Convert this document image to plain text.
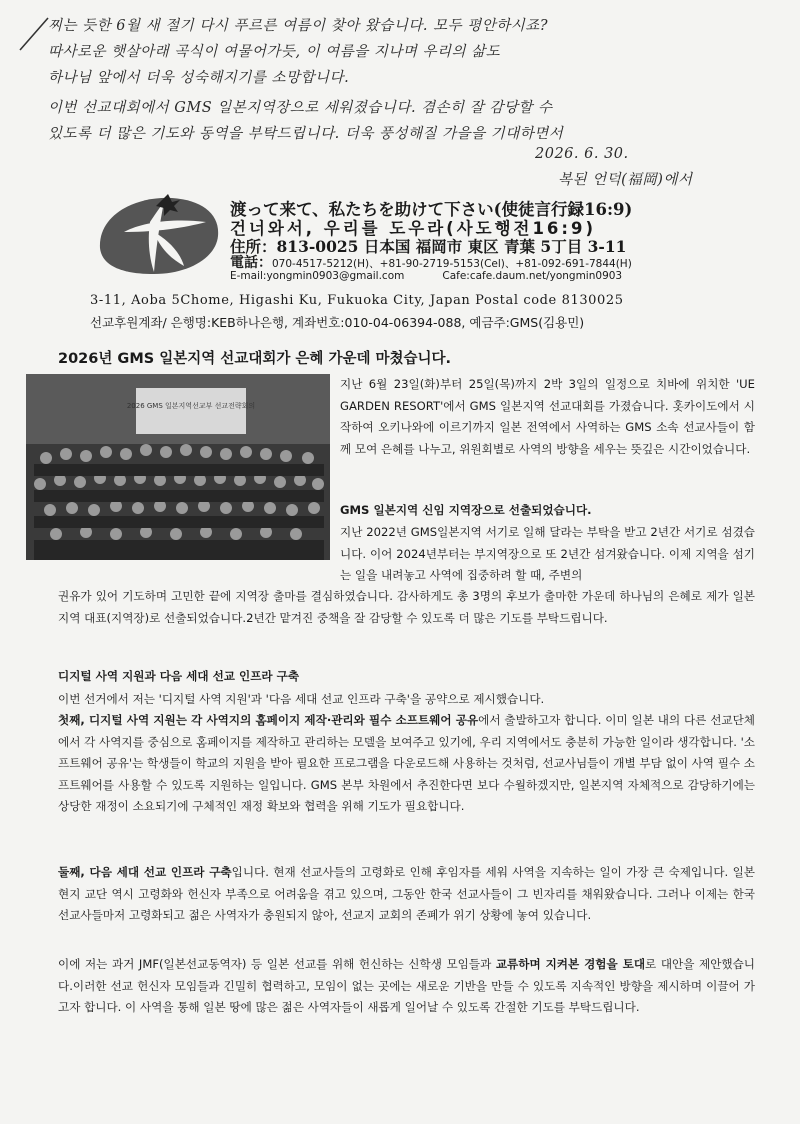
찌는 듯한 6월 새 절기 다시 푸르른 여름이 찾아 왔습니다. 모두 평안하시죠?
따사로운 햇살아래 곡식이 여물어가듯, 이 여름을 지나며 우리의 삶도
하나님 앞에서 더욱 성숙해지기를 소망합니다.
이번 선교대회에서 GMS 일본지역장으로 세워졌습니다. 겸손히 잘 감당할 수
있도록 더 많은 기도와 동역을 부탁드립니다. 더욱 풍성해질 가을을 기대하면서
2026. 6. 30.
복된 언덕(福岡)에서
渡って来て、私たちを助けて下さい(使徒言行録16:9)
건너와서, 우리를 도우라(사도행전16:9)
住所：813-0025 日本国 福岡市 東区 青葉 5丁目 3-11
電話：070-4517-5212(H)、+81-90-2719-5153(Cel)、+81-092-691-7844(H)
E-mail:yongmin0903@gmail.com	Cafe:cafe.daum.net/yongmin0903
3-11, Aoba 5Chome, Higashi Ku, Fukuoka City, Japan Postal code 8130025
선교후원계좌/ 은행명:KEB하나은행, 계좌번호:010-04-06394-088, 예금주:GMS(김용민)
2026년 GMS 일본지역 선교대회가 은혜 가운데 마쳤습니다.
2026 GMS 일본지역선교부 선교전략회의
지난 6월 23일(화)부터 25일(목)까지 2박 3일의 일정으로 치바에 위치한 'UE GARDEN RESORT'에서 GMS 일본지역 선교대회를 가졌습니다. 홋카이도에서 시작하여 오키나와에 이르기까지 일본 전역에서 사역하는 GMS 소속 선교사들이 함께 모여 은혜를 나누고, 위원회별로 사역의 방향을 세우는 뜻깊은 시간이었습니다.
GMS 일본지역 신임 지역장으로 선출되었습니다.
지난 2022년 GMS일본지역 서기로 일해 달라는 부탁을 받고 2년간 서기로 섬겼습니다. 이어 2024년부터는 부지역장으로 또 2년간 섬겨왔습니다. 이제 지역을 섬기는 일을 내려놓고 사역에 집중하려 할 때, 주변의
권유가 있어 기도하며 고민한 끝에 지역장 출마를 결심하였습니다. 감사하게도 총 3명의 후보가 출마한 가운데 하나님의 은혜로 제가 일본지역 대표(지역장)로 선출되었습니다.2년간 맡겨진 중책을 잘 감당할 수 있도록 더 많은 기도를 부탁드립니다.
디지털 사역 지원과 다음 세대 선교 인프라 구축
이번 선거에서 저는 '디지털 사역 지원'과 '다음 세대 선교 인프라 구축'을 공약으로 제시했습니다.
첫째, 디지털 사역 지원는 각 사역지의 홈페이지 제작·관리와 필수 소프트웨어 공유에서 출발하고자 합니다. 이미 일본 내의 다른 선교단체에서 각 사역지를 중심으로 홈페이지를 제작하고 관리하는 모델을 보여주고 있기에, 우리 지역에서도 충분히 가능한 일이라 생각합니다. '소프트웨어 공유'는 학생들이 학교의 지원을 받아 필요한 프로그램을 다운로드해 사용하는 것처럼, 선교사님들이 개별 부담 없이 사역 필수 소프트웨어를 사용할 수 있도록 지원하는 일입니다. GMS 본부 차원에서 추진한다면 보다 수월하겠지만, 일본지역 자체적으로 감당하기에는 상당한 재정이 소요되기에 구체적인 재정 확보와 협력을 위해 기도가 필요합니다.
둘째, 다음 세대 선교 인프라 구축입니다. 현재 선교사들의 고령화로 인해 후임자를 세워 사역을 지속하는 일이 가장 큰 숙제입니다. 일본 현지 교단 역시 고령화와 헌신자 부족으로 어려움을 겪고 있으며, 그동안 한국 선교사들이 그 빈자리를 채워왔습니다. 그러나 이제는 한국 선교사들마저 고령화되고 젊은 사역자가 충원되지 않아, 선교지 교회의 존폐가 위기 상황에 놓여 있습니다.
이에 저는 과거 JMF(일본선교동역자) 등 일본 선교를 위해 헌신하는 신학생 모임들과 교류하며 지켜본 경험을 토대로 대안을 제안했습니다.이러한 선교 헌신자 모임들과 긴밀히 협력하고, 모임이 없는 곳에는 새로운 기반을 만들 수 있도록 지속적인 방향을 제시하며 이끌어 가고자 합니다. 이 사역을 통해 일본 땅에 많은 젊은 사역자들이 새롭게 일어날 수 있도록 간절한 기도를 부탁드립니다.
